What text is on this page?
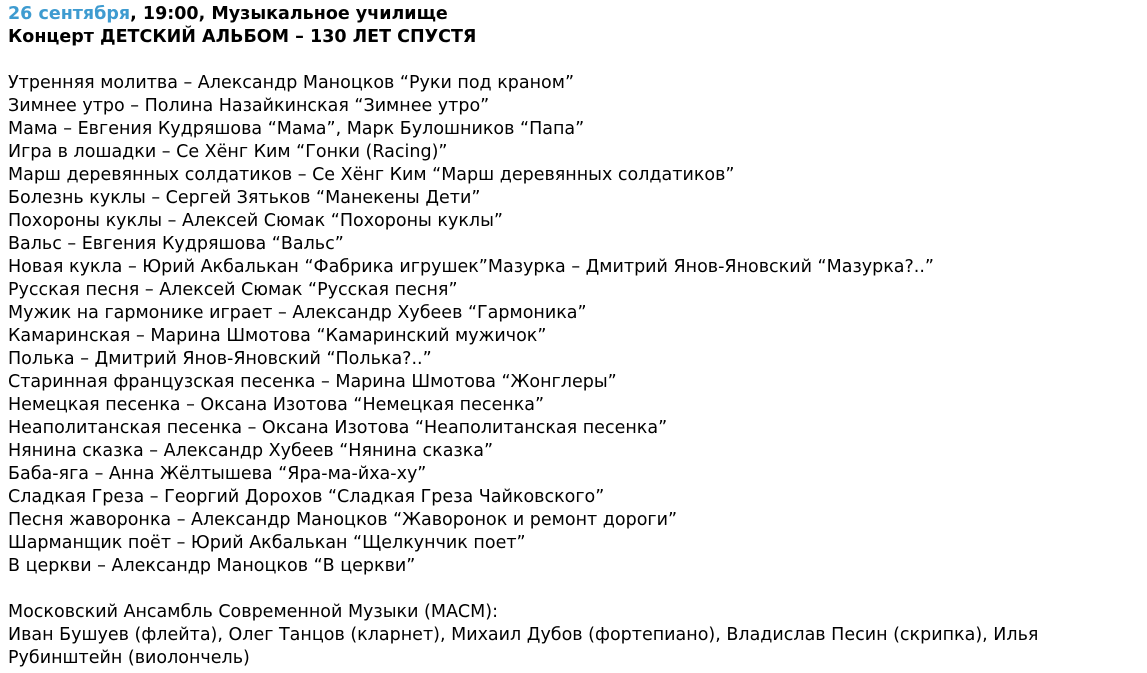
26 сентября, 19:00, Музыкальное училище
Концерт ДЕТСКИЙ АЛЬБОМ – 130 ЛЕТ СПУСТЯ
Утренняя молитва – Александр Маноцков “Руки под краном”
Зимнее утро – Полина Назайкинская “Зимнее утро”
Мама – Евгения Кудряшова “Мама”, Марк Булошников “Папа”
Игра в лошадки – Се Хёнг Ким “Гонки (Racing)”
Марш деревянных солдатиков – Се Хёнг Ким “Марш деревянных солдатиков”
Болезнь куклы – Сергей Зятьков “Манекены Дети”
Похороны куклы – Алексей Сюмак “Похороны куклы”
Вальс – Евгения Кудряшова “Вальс”
Новая кукла – Юрий Акбалькан “Фабрика игрушек”Мазурка – Дмитрий Янов-Яновский “Мазурка?..”
Русская песня – Алексей Сюмак “Русская песня”
Мужик на гармонике играет – Александр Хубеев “Гармоника”
Камаринская – Марина Шмотова “Камаринский мужичок”
Полька – Дмитрий Янов-Яновский “Полька?..”
Старинная французская песенка – Марина Шмотова “Жонглеры”
Немецкая песенка – Оксана Изотова “Немецкая песенка”
Неаполитанская песенка – Оксана Изотова “Неаполитанская песенка”
Нянина сказка – Александр Хубеев “Нянина сказка”
Баба-яга – Анна Жёлтышева “Яра-ма-йха-ху”
Сладкая Греза – Георгий Дорохов “Сладкая Греза Чайковского”
Песня жаворонка – Александр Маноцков “Жаворонок и ремонт дороги”
Шарманщик поёт – Юрий Акбалькан “Щелкунчик поет”
В церкви – Александр Маноцков “В церкви”
Московский Ансамбль Современной Музыки (МАСМ):
Иван Бушуев (флейта), Олег Танцов (кларнет), Михаил Дубов (фортепиано), Владислав Песин (скрипка), Илья Рубинштейн (виолончель)
